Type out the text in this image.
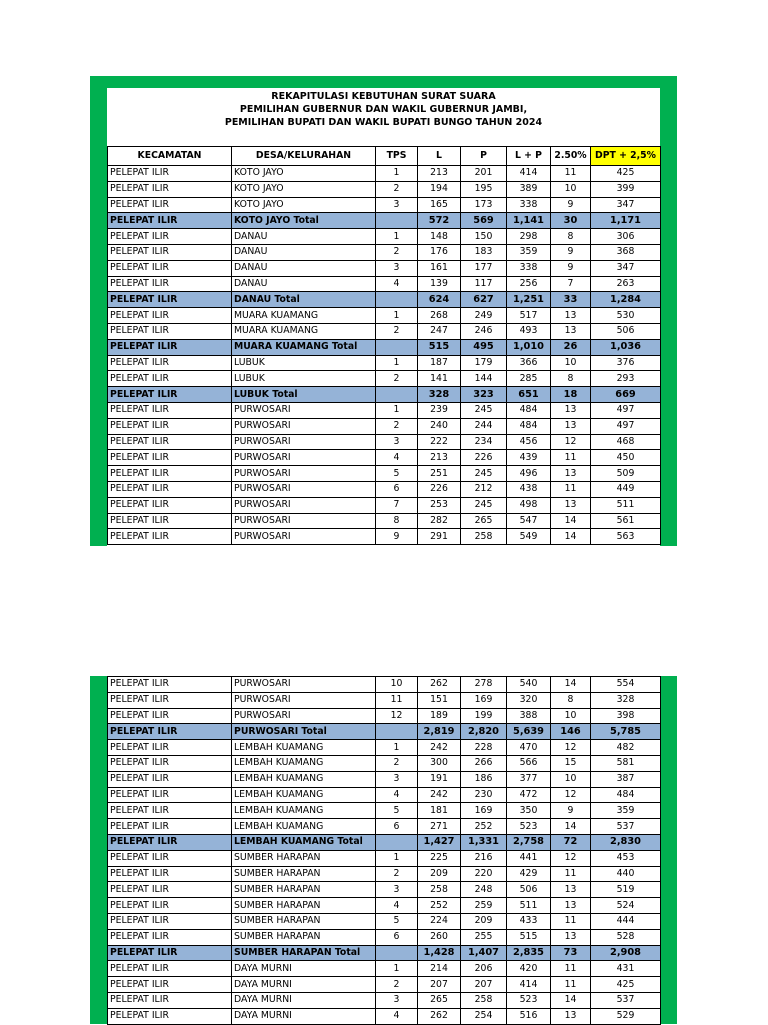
REKAPITULASI KEBUTUHAN SURAT SUARA
PEMILIHAN GUBERNUR DAN WAKIL GUBERNUR JAMBI,
PEMILIHAN BUPATI DAN WAKIL BUPATI BUNGO TAHUN 2024
KECAMATAN	DESA/KELURAHAN	TPS	L	P	L + P	2.50%	DPT + 2,5%
PELEPAT ILIR	KOTO JAYO	1	213	201	414	11	425
PELEPAT ILIR	KOTO JAYO	2	194	195	389	10	399
PELEPAT ILIR	KOTO JAYO	3	165	173	338	9	347
PELEPAT ILIR	KOTO JAYO Total		572	569	1,141	30	1,171
PELEPAT ILIR	DANAU	1	148	150	298	8	306
PELEPAT ILIR	DANAU	2	176	183	359	9	368
PELEPAT ILIR	DANAU	3	161	177	338	9	347
PELEPAT ILIR	DANAU	4	139	117	256	7	263
PELEPAT ILIR	DANAU Total		624	627	1,251	33	1,284
PELEPAT ILIR	MUARA KUAMANG	1	268	249	517	13	530
PELEPAT ILIR	MUARA KUAMANG	2	247	246	493	13	506
PELEPAT ILIR	MUARA KUAMANG Total		515	495	1,010	26	1,036
PELEPAT ILIR	LUBUK	1	187	179	366	10	376
PELEPAT ILIR	LUBUK	2	141	144	285	8	293
PELEPAT ILIR	LUBUK Total		328	323	651	18	669
PELEPAT ILIR	PURWOSARI	1	239	245	484	13	497
PELEPAT ILIR	PURWOSARI	2	240	244	484	13	497
PELEPAT ILIR	PURWOSARI	3	222	234	456	12	468
PELEPAT ILIR	PURWOSARI	4	213	226	439	11	450
PELEPAT ILIR	PURWOSARI	5	251	245	496	13	509
PELEPAT ILIR	PURWOSARI	6	226	212	438	11	449
PELEPAT ILIR	PURWOSARI	7	253	245	498	13	511
PELEPAT ILIR	PURWOSARI	8	282	265	547	14	561
PELEPAT ILIR	PURWOSARI	9	291	258	549	14	563
PELEPAT ILIR	PURWOSARI	10	262	278	540	14	554
PELEPAT ILIR	PURWOSARI	11	151	169	320	8	328
PELEPAT ILIR	PURWOSARI	12	189	199	388	10	398
PELEPAT ILIR	PURWOSARI Total		2,819	2,820	5,639	146	5,785
PELEPAT ILIR	LEMBAH KUAMANG	1	242	228	470	12	482
PELEPAT ILIR	LEMBAH KUAMANG	2	300	266	566	15	581
PELEPAT ILIR	LEMBAH KUAMANG	3	191	186	377	10	387
PELEPAT ILIR	LEMBAH KUAMANG	4	242	230	472	12	484
PELEPAT ILIR	LEMBAH KUAMANG	5	181	169	350	9	359
PELEPAT ILIR	LEMBAH KUAMANG	6	271	252	523	14	537
PELEPAT ILIR	LEMBAH KUAMANG Total		1,427	1,331	2,758	72	2,830
PELEPAT ILIR	SUMBER HARAPAN	1	225	216	441	12	453
PELEPAT ILIR	SUMBER HARAPAN	2	209	220	429	11	440
PELEPAT ILIR	SUMBER HARAPAN	3	258	248	506	13	519
PELEPAT ILIR	SUMBER HARAPAN	4	252	259	511	13	524
PELEPAT ILIR	SUMBER HARAPAN	5	224	209	433	11	444
PELEPAT ILIR	SUMBER HARAPAN	6	260	255	515	13	528
PELEPAT ILIR	SUMBER HARAPAN Total		1,428	1,407	2,835	73	2,908
PELEPAT ILIR	DAYA MURNI	1	214	206	420	11	431
PELEPAT ILIR	DAYA MURNI	2	207	207	414	11	425
PELEPAT ILIR	DAYA MURNI	3	265	258	523	14	537
PELEPAT ILIR	DAYA MURNI	4	262	254	516	13	529
